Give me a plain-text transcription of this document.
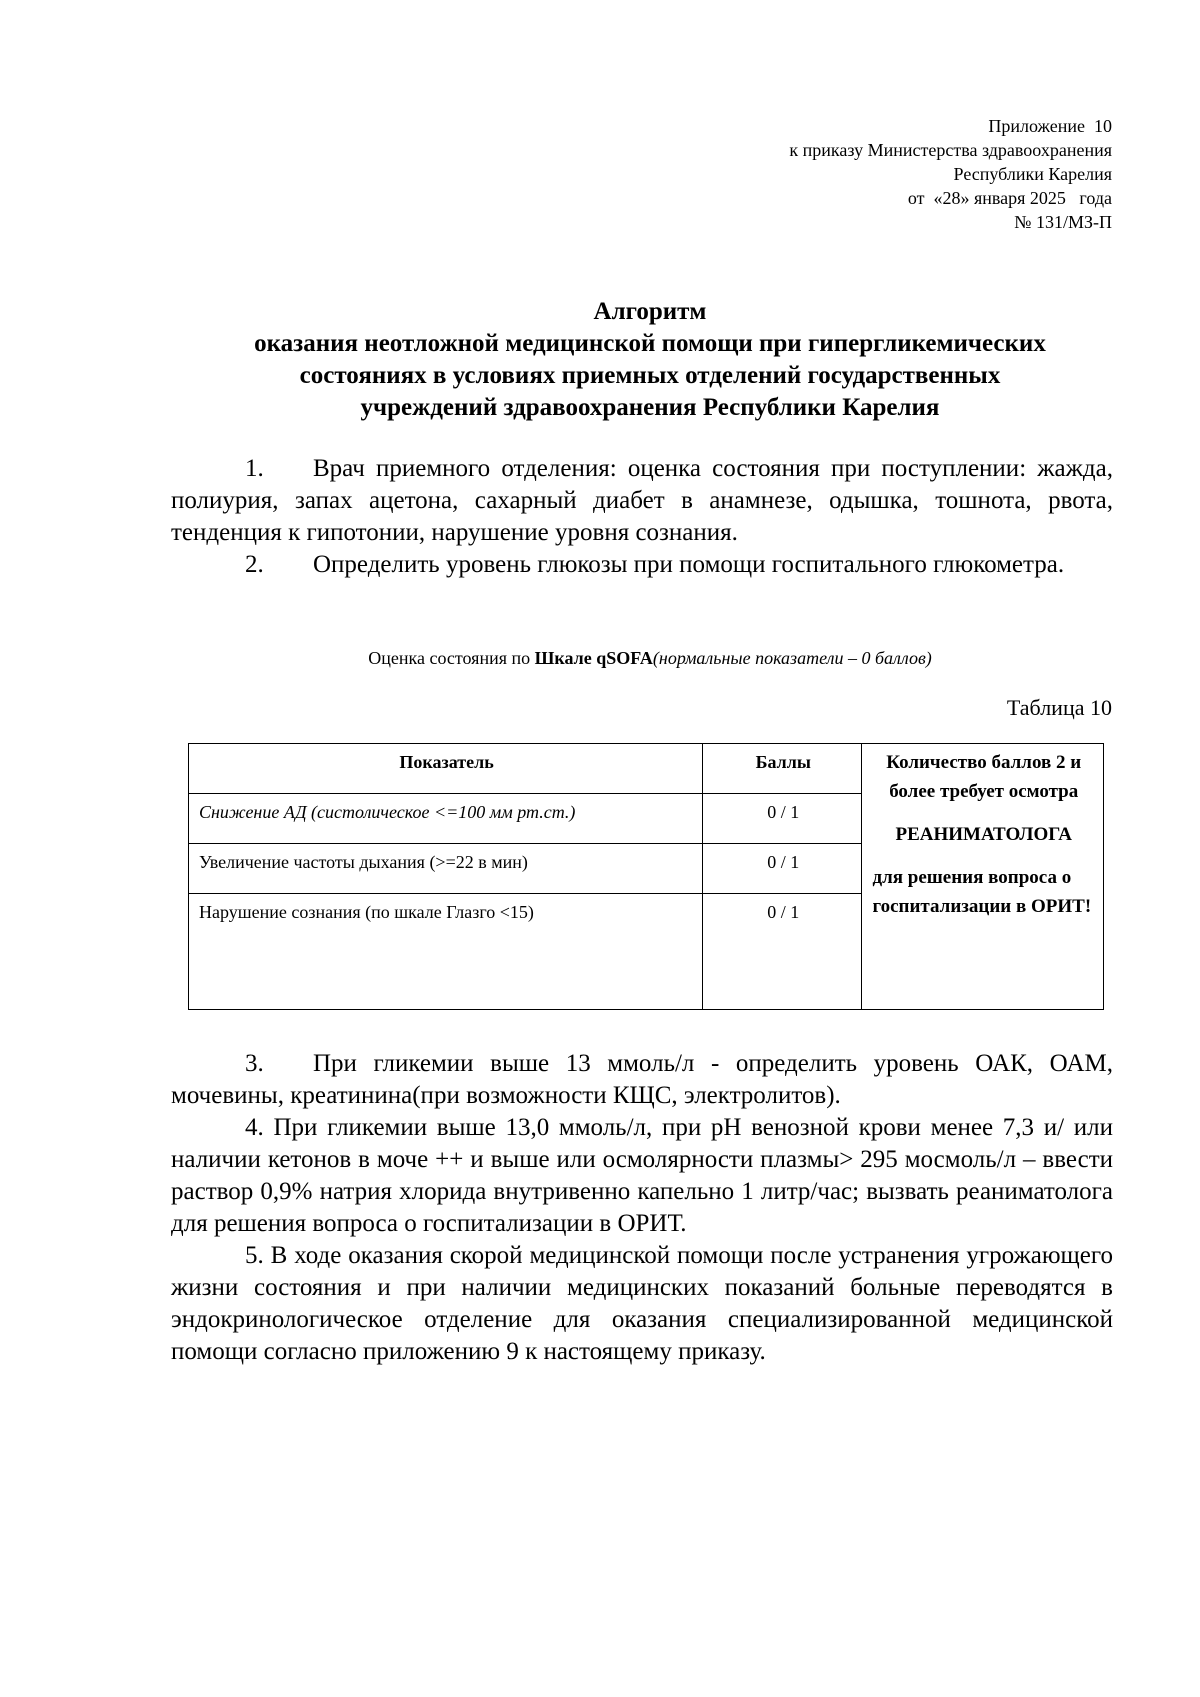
Приложение  10
к приказу Министерства здравоохранения
Республики Карелия
от  «28» января 2025   года
№ 131/МЗ-П
Алгоритм
оказания неотложной медицинской помощи при гипергликемических
состояниях в условиях приемных отделений государственных
учреждений здравоохранения Республики Карелия
1. Врач приемного отделения: оценка состояния при поступлении: жажда, полиурия, запах ацетона, сахарный диабет в анамнезе, одышка, тошнота, рвота, тенденция к гипотонии, нарушение уровня сознания.
2. Определить уровень глюкозы при помощи госпитального глюкометра.
Оценка состояния по Шкале qSOFA(нормальные показатели – 0 баллов)
Таблица 10
Показатель	Баллы	Количество баллов 2 и более требует осмотра
РЕАНИМАТОЛОГА
для решения вопроса о госпитализации в ОРИТ!

Снижение АД (систолическое <=100 мм рт.ст.)	0 / 1	
Увеличение частоты дыхания (>=22 в мин)	0 / 1	
Нарушение сознания (по шкале Глазго <15)	0 / 1	
3. При гликемии выше 13 ммоль/л - определить уровень ОАК, ОАМ, мочевины, креатинина(при возможности КЩС, электролитов).
4. При гликемии выше 13,0 ммоль/л, при pH венозной крови менее 7,3 и/ или наличии кетонов в моче ++ и выше или осмолярности плазмы> 295 мосмоль/л – ввести раствор 0,9% натрия хлорида внутривенно капельно 1 литр/час; вызвать реаниматолога для решения вопроса о госпитализации в ОРИТ.
5. В ходе оказания скорой медицинской помощи после устранения угрожающего жизни состояния и при наличии медицинских показаний больные переводятся в эндокринологическое отделение для оказания специализированной медицинской помощи согласно приложению 9 к настоящему приказу.
